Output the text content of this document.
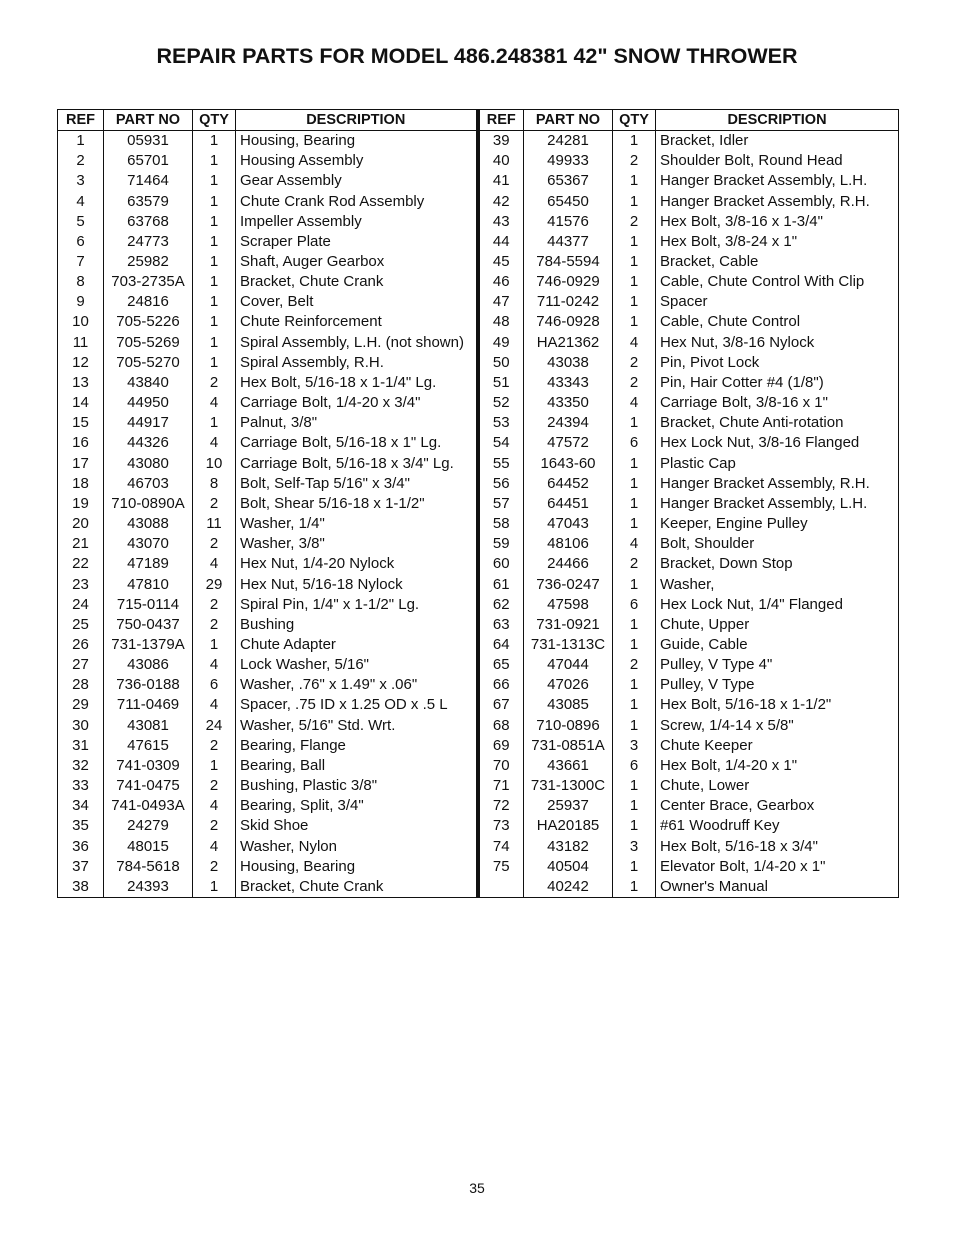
REPAIR PARTS FOR MODEL 486.248381 42" SNOW THROWER
REF	PART NO	QTY	DESCRIPTION	REF	PART NO	QTY	DESCRIPTION
1	05931	1	Housing, Bearing	39	24281	1	Bracket, Idler
2	65701	1	Housing Assembly	40	49933	2	Shoulder Bolt, Round Head
3	71464	1	Gear Assembly	41	65367	1	Hanger Bracket Assembly, L.H.
4	63579	1	Chute Crank Rod Assembly	42	65450	1	Hanger Bracket Assembly, R.H.
5	63768	1	Impeller Assembly	43	41576	2	Hex Bolt, 3/8-16 x 1-3/4"
6	24773	1	Scraper Plate	44	44377	1	Hex Bolt, 3/8-24 x 1"
7	25982	1	Shaft, Auger Gearbox	45	784-5594	1	Bracket, Cable
8	703-2735A	1	Bracket, Chute Crank	46	746-0929	1	Cable, Chute Control With Clip
9	24816	1	Cover, Belt	47	711-0242	1	Spacer
10	705-5226	1	Chute Reinforcement	48	746-0928	1	Cable, Chute Control
11	705-5269	1	Spiral Assembly, L.H. (not shown)	49	HA21362	4	Hex Nut, 3/8-16 Nylock
12	705-5270	1	Spiral Assembly, R.H.	50	43038	2	Pin, Pivot Lock
13	43840	2	Hex Bolt, 5/16-18 x 1-1/4" Lg.	51	43343	2	Pin, Hair Cotter #4 (1/8")
14	44950	4	Carriage Bolt, 1/4-20 x 3/4"	52	43350	4	Carriage Bolt, 3/8-16 x 1"
15	44917	1	Palnut, 3/8"	53	24394	1	Bracket, Chute Anti-rotation
16	44326	4	Carriage Bolt, 5/16-18 x 1" Lg.	54	47572	6	Hex Lock Nut, 3/8-16 Flanged
17	43080	10	Carriage Bolt, 5/16-18 x 3/4" Lg.	55	1643-60	1	Plastic Cap
18	46703	8	Bolt, Self-Tap 5/16" x 3/4"	56	64452	1	Hanger Bracket Assembly, R.H.
19	710-0890A	2	Bolt, Shear 5/16-18 x 1-1/2"	57	64451	1	Hanger Bracket Assembly, L.H.
20	43088	11	Washer, 1/4"	58	47043	1	Keeper, Engine Pulley
21	43070	2	Washer, 3/8"	59	48106	4	Bolt, Shoulder
22	47189	4	Hex Nut, 1/4-20 Nylock	60	24466	2	Bracket, Down Stop
23	47810	29	Hex Nut, 5/16-18 Nylock	61	736-0247	1	Washer,
24	715-0114	2	Spiral Pin, 1/4" x 1-1/2" Lg.	62	47598	6	Hex Lock Nut, 1/4" Flanged
25	750-0437	2	Bushing	63	731-0921	1	Chute, Upper
26	731-1379A	1	Chute Adapter	64	731-1313C	1	Guide, Cable
27	43086	4	Lock Washer, 5/16"	65	47044	2	Pulley, V Type 4"
28	736-0188	6	Washer, .76" x 1.49" x .06"	66	47026	1	Pulley, V Type
29	711-0469	4	Spacer, .75 ID x 1.25 OD x .5 L	67	43085	1	Hex Bolt, 5/16-18 x 1-1/2"
30	43081	24	Washer, 5/16" Std. Wrt.	68	710-0896	1	Screw, 1/4-14 x 5/8"
31	47615	2	Bearing, Flange	69	731-0851A	3	Chute Keeper
32	741-0309	1	Bearing, Ball	70	43661	6	Hex Bolt, 1/4-20 x 1"
33	741-0475	2	Bushing, Plastic 3/8"	71	731-1300C	1	Chute, Lower
34	741-0493A	4	Bearing, Split, 3/4"	72	25937	1	Center Brace, Gearbox
35	24279	2	Skid Shoe	73	HA20185	1	#61 Woodruff Key
36	48015	4	Washer, Nylon	74	43182	3	Hex Bolt, 5/16-18 x 3/4"
37	784-5618	2	Housing, Bearing	75	40504	1	Elevator Bolt, 1/4-20 x 1"
38	24393	1	Bracket, Chute Crank		40242	1	Owner's Manual
35
